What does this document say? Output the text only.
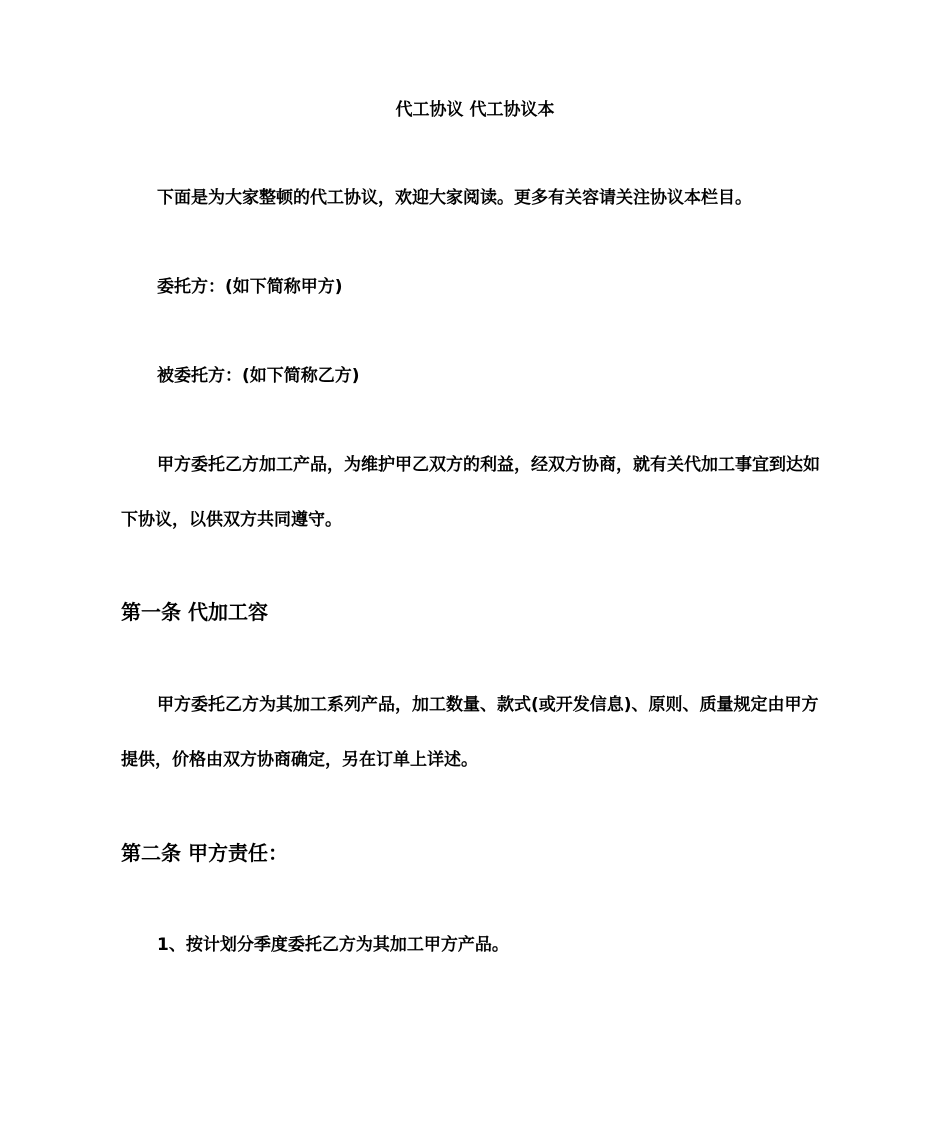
代工协议 代工协议本

下面是为大家整顿的代工协议，欢迎大家阅读。更多有关容请关注协议本栏目。

委托方：(如下简称甲方)

被委托方：(如下简称乙方)

甲方委托乙方加工产品，为维护甲乙双方的利益，经双方协商，就有关代加工事宜到达如下协议，以供双方共同遵守。

第一条 代加工容

甲方委托乙方为其加工系列产品，加工数量、款式(或开发信息)、原则、质量规定由甲方提供，价格由双方协商确定，另在订单上详述。

第二条 甲方责任：

1、按计划分季度委托乙方为其加工甲方产品。
